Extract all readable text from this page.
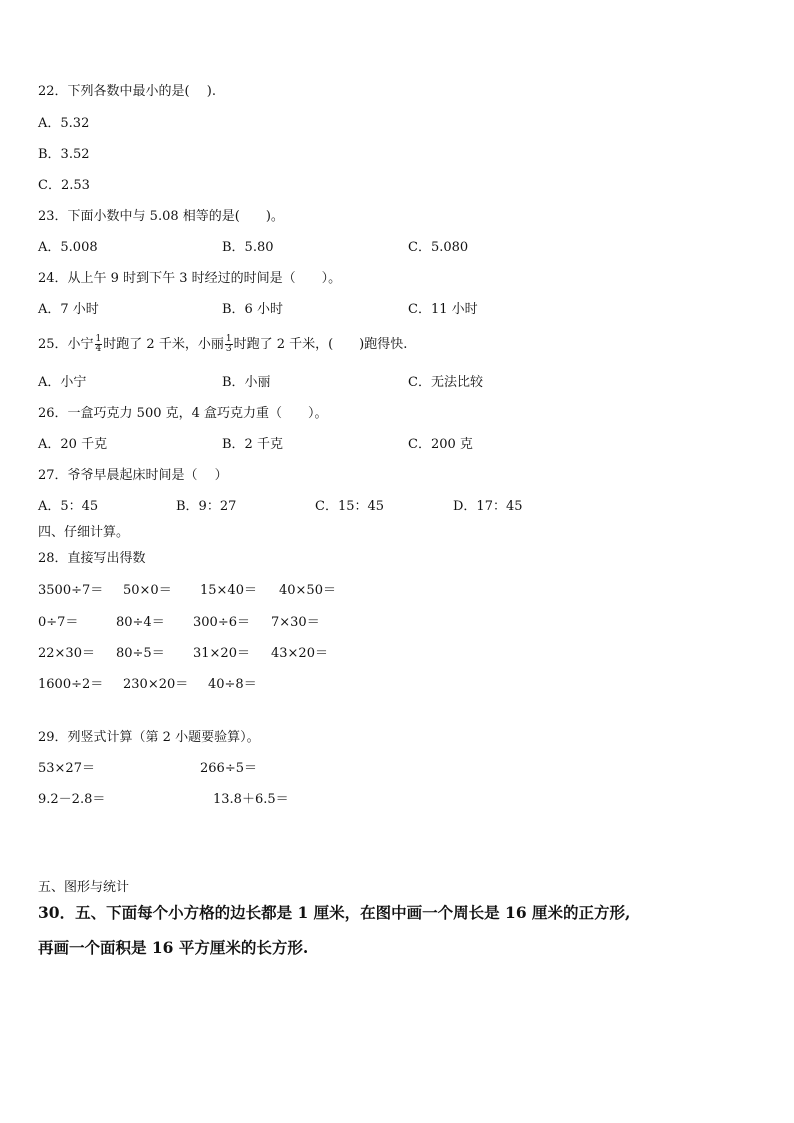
22．下列各数中最小的是(　 ).
A．5.32
B．3.52
C．2.53
23．下面小数中与 5.08 相等的是(　　)。
A．5.008	B．5.80	C．5.080
24．从上午 9 时到下午 3 时经过的时间是（　　）。
A．7 小时	B．6 小时	C．11 小时
25．小宁 $\frac{1}{4}$ 时跑了 2 千米，小丽 $\frac{1}{3}$ 时跑了 2 千米，(　　)跑得快.
A．小宁	B．小丽	C．无法比较
26．一盒巧克力 500 克，4 盒巧克力重（　　）。
A．20 千克	B．2 千克	C．200 克
27．爷爷早晨起床时间是（　 ）
A．5：45	B．9：27	C．15：45	D．17：45
四、仔细计算。
28．直接写出得数
3500÷7＝ 50×0＝ 15×40＝ 40×50＝
0÷7＝	80÷4＝ 300÷6＝ 7×30＝
22×30＝ 80÷5＝ 31×20＝ 43×20＝
1600÷2＝ 230×20＝ 40÷8＝
29．列竖式计算（第 2 小题要验算）。
53×27＝	266÷5＝
9.2－2.8＝	13.8＋6.5＝
五、图形与统计
30．五、下面每个小方格的边长都是 1 厘米，在图中画一个周长是 16 厘米的正方形,
再画一个面积是 16 平方厘米的长方形.
